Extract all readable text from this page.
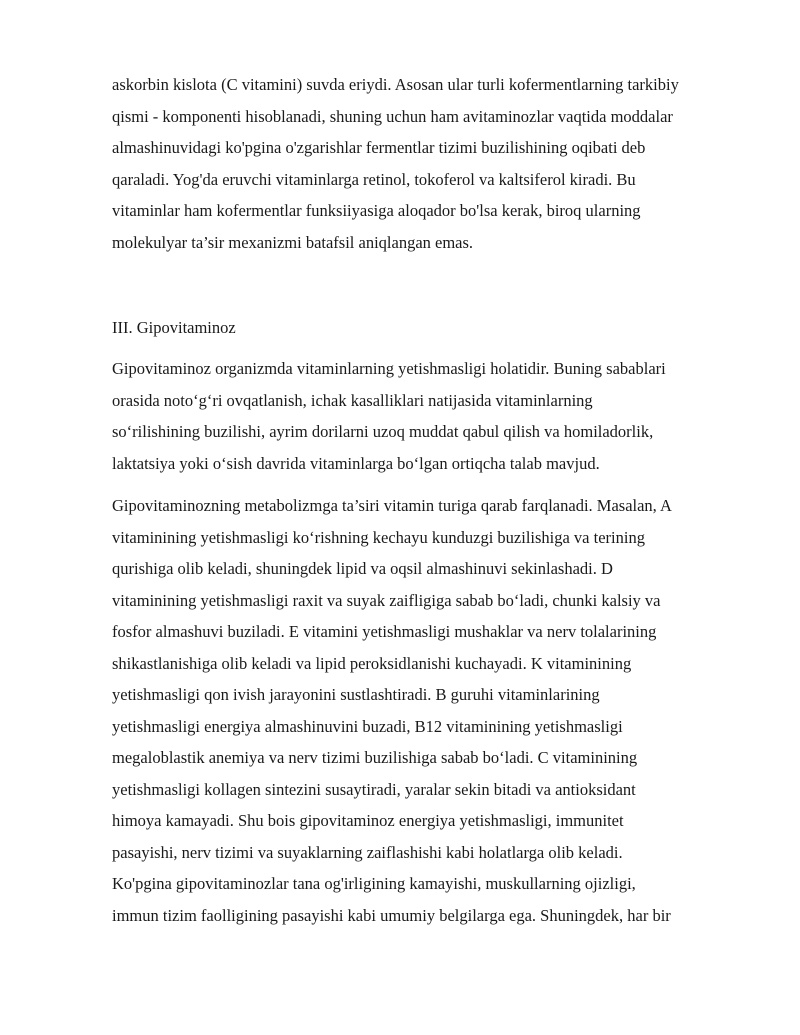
askorbin kislota (C vitamini) suvda eriydi. Asosan ular turli kofermentlarning tarkibiy
qismi - komponenti hisoblanadi, shuning uchun ham avitaminozlar vaqtida moddalar
almashinuvidagi ko'pgina o'zgarishlar fermentlar tizimi buzilishining oqibati deb
qaraladi. Yog'da eruvchi vitaminlarga retinol, tokoferol va kaltsiferol kiradi. Bu
vitaminlar ham kofermentlar funksiiyasiga aloqador bo'lsa kerak, biroq ularning
molekulyar ta’sir mexanizmi batafsil aniqlangan emas.
III. Gipovitaminoz
Gipovitaminoz organizmda vitaminlarning yetishmasligi holatidir. Buning sabablari
orasida noto‘g‘ri ovqatlanish, ichak kasalliklari natijasida vitaminlarning
so‘rilishining buzilishi, ayrim dorilarni uzoq muddat qabul qilish va homiladorlik,
laktatsiya yoki o‘sish davrida vitaminlarga bo‘lgan ortiqcha talab mavjud.
Gipovitaminozning metabolizmga ta’siri vitamin turiga qarab farqlanadi. Masalan, A
vitaminining yetishmasligi ko‘rishning kechayu kunduzgi buzilishiga va terining
qurishiga olib keladi, shuningdek lipid va oqsil almashinuvi sekinlashadi. D
vitaminining yetishmasligi raxit va suyak zaifligiga sabab bo‘ladi, chunki kalsiy va
fosfor almashuvi buziladi. E vitamini yetishmasligi mushaklar va nerv tolalarining
shikastlanishiga olib keladi va lipid peroksidlanishi kuchayadi. K vitaminining
yetishmasligi qon ivish jarayonini sustlashtiradi. B guruhi vitaminlarining
yetishmasligi energiya almashinuvini buzadi, B12 vitaminining yetishmasligi
megaloblastik anemiya va nerv tizimi buzilishiga sabab bo‘ladi. C vitaminining
yetishmasligi kollagen sintezini susaytiradi, yaralar sekin bitadi va antioksidant
himoya kamayadi. Shu bois gipovitaminoz energiya yetishmasligi, immunitet
pasayishi, nerv tizimi va suyaklarning zaiflashishi kabi holatlarga olib keladi.
Ko'pgina gipovitaminozlar tana og'irligining kamayishi, muskullarning ojizligi,
immun tizim faolligining pasayishi kabi umumiy belgilarga ega. Shuningdek, har bir
